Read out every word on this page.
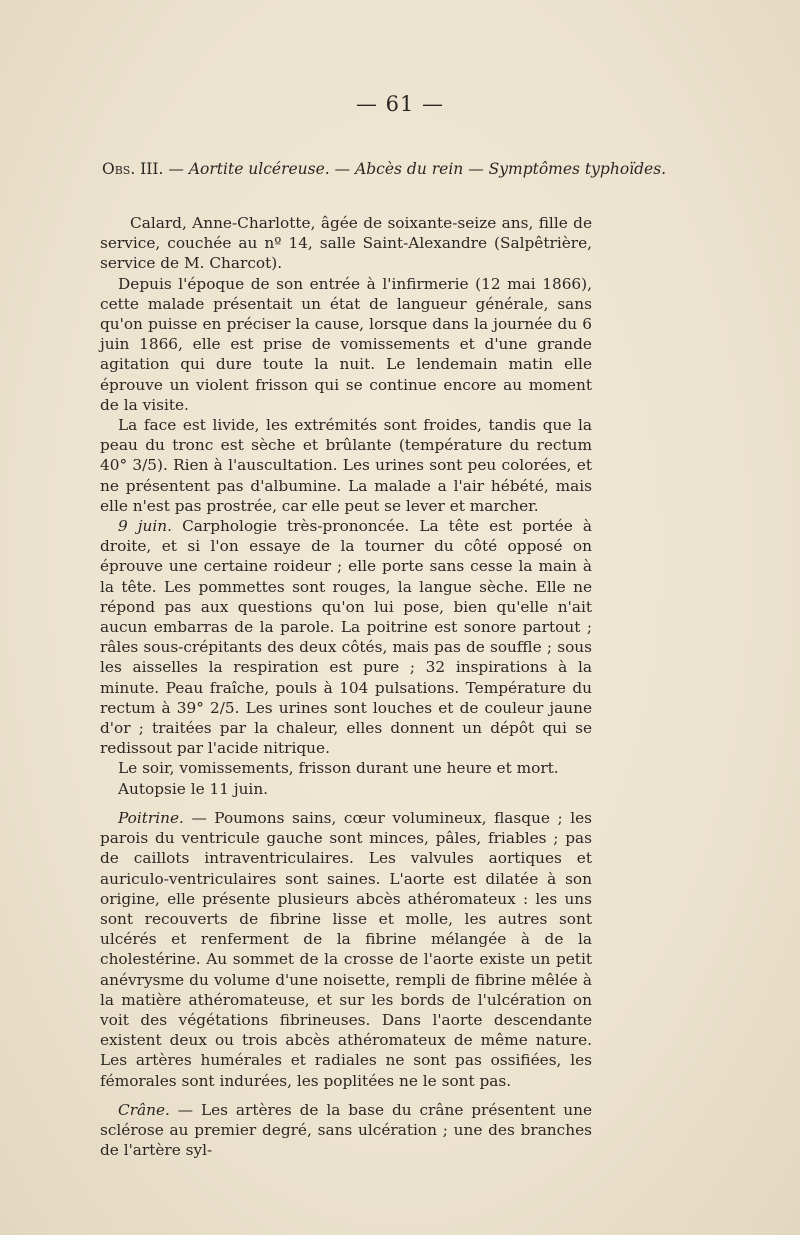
— 61 —
Obs. III. — Aortite ulcéreuse. — Abcès du rein — Symptômes typhoïdes.

Calard, Anne-Charlotte, âgée de soixante-seize ans, fille de service, couchée au nº 14, salle Saint-Alexandre (Salpêtrière, service de M. Charcot).

Depuis l'époque de son entrée à l'infirmerie (12 mai 1866), cette malade présentait un état de langueur générale, sans qu'on puisse en préciser la cause, lorsque dans la journée du 6 juin 1866, elle est prise de vomissements et d'une grande agitation qui dure toute la nuit. Le lendemain matin elle éprouve un violent frisson qui se continue encore au moment de la visite.

La face est livide, les extrémités sont froides, tandis que la peau du tronc est sèche et brûlante (température du rectum 40° 3/5). Rien à l'auscultation. Les urines sont peu colorées, et ne présentent pas d'albumine. La malade a l'air hébété, mais elle n'est pas prostrée, car elle peut se lever et marcher.

9 juin. Carphologie très-prononcée. La tête est portée à droite, et si l'on essaye de la tourner du côté opposé on éprouve une certaine roideur ; elle porte sans cesse la main à la tête. Les pommettes sont rouges, la langue sèche. Elle ne répond pas aux questions qu'on lui pose, bien qu'elle n'ait aucun embarras de la parole. La poitrine est sonore partout ; râles sous-crépitants des deux côtés, mais pas de souffle ; sous les aisselles la respiration est pure ; 32 inspirations à la minute. Peau fraîche, pouls à 104 pulsations. Température du rectum à 39° 2/5. Les urines sont louches et de couleur jaune d'or ; traitées par la chaleur, elles donnent un dépôt qui se redissout par l'acide nitrique.

Le soir, vomissements, frisson durant une heure et mort.

Autopsie le 11 juin.

Poitrine. — Poumons sains, cœur volumineux, flasque ; les parois du ventricule gauche sont minces, pâles, friables ; pas de caillots intraventriculaires. Les valvules aortiques et auriculo-ventriculaires sont saines. L'aorte est dilatée à son origine, elle présente plusieurs abcès athéromateux : les uns sont recouverts de fibrine lisse et molle, les autres sont ulcérés et renferment de la fibrine mélangée à de la cholestérine. Au sommet de la crosse de l'aorte existe un petit anévrysme du volume d'une noisette, rempli de fibrine mêlée à la matière athéromateuse, et sur les bords de l'ulcération on voit des végétations fibrineuses. Dans l'aorte descendante existent deux ou trois abcès athéromateux de même nature. Les artères humérales et radiales ne sont pas ossifiées, les fémorales sont indurées, les poplitées ne le sont pas.

Crâne. — Les artères de la base du crâne présentent une sclérose au premier degré, sans ulcération ; une des branches de l'artère syl-
